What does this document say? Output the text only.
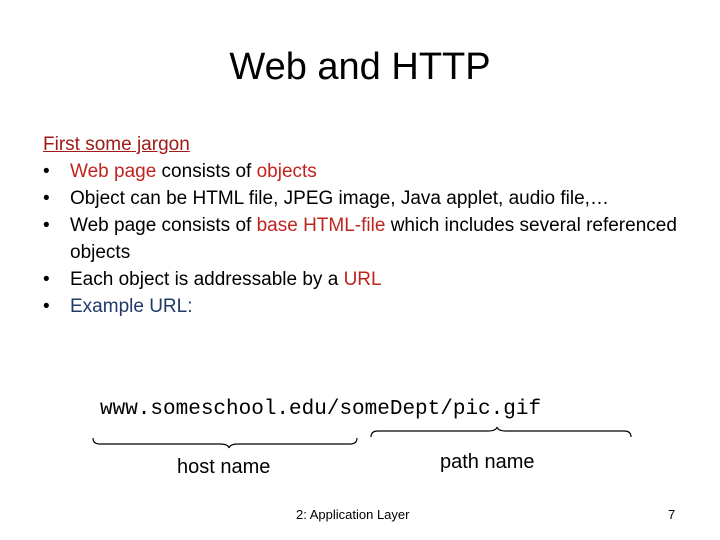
Web and HTTP

First some jargon

• Web page consists of objects
• Object can be HTML file, JPEG image, Java applet, audio file,…
• Web page consists of base HTML-file which includes several referenced objects
• Each object is addressable by a URL
• Example URL:
www.someschool.edu/someDept/pic.gif
host name	path name
2: Application Layer	7
